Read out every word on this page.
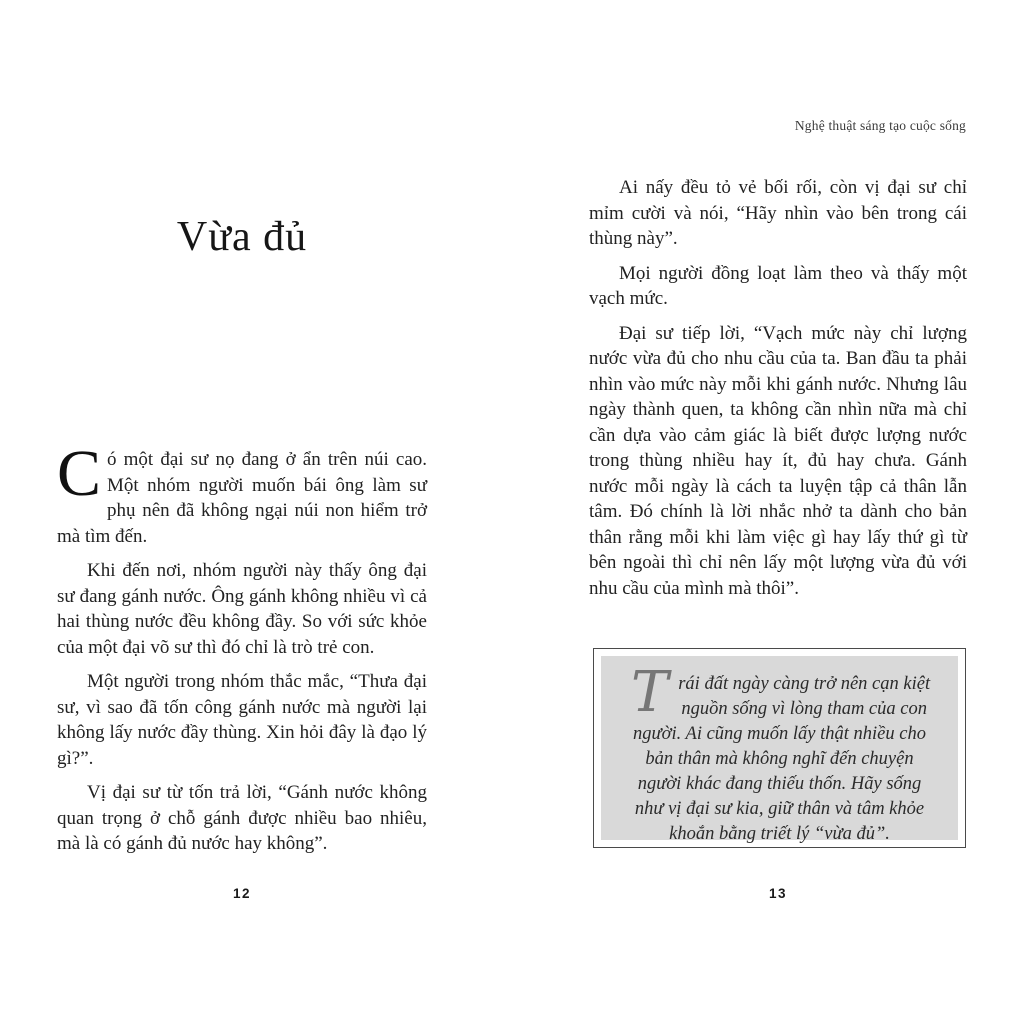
Vừa đủ

Có một đại sư nọ đang ở ẩn trên núi cao. Một nhóm người muốn bái ông làm sư phụ nên đã không ngại núi non hiểm trở mà tìm đến.

Khi đến nơi, nhóm người này thấy ông đại sư đang gánh nước. Ông gánh không nhiều vì cả hai thùng nước đều không đầy. So với sức khỏe của một đại võ sư thì đó chỉ là trò trẻ con.

Một người trong nhóm thắc mắc, “Thưa đại sư, vì sao đã tốn công gánh nước mà người lại không lấy nước đầy thùng. Xin hỏi đây là đạo lý gì?”.

Vị đại sư từ tốn trả lời, “Gánh nước không quan trọng ở chỗ gánh được nhiều bao nhiêu, mà là có gánh đủ nước hay không”.

12
Nghệ thuật sáng tạo cuộc sống

Ai nấy đều tỏ vẻ bối rối, còn vị đại sư chỉ mỉm cười và nói, “Hãy nhìn vào bên trong cái thùng này”.

Mọi người đồng loạt làm theo và thấy một vạch mức.

Đại sư tiếp lời, “Vạch mức này chỉ lượng nước vừa đủ cho nhu cầu của ta. Ban đầu ta phải nhìn vào mức này mỗi khi gánh nước. Nhưng lâu ngày thành quen, ta không cần nhìn nữa mà chỉ cần dựa vào cảm giác là biết được lượng nước trong thùng nhiều hay ít, đủ hay chưa. Gánh nước mỗi ngày là cách ta luyện tập cả thân lẫn tâm. Đó chính là lời nhắc nhở ta dành cho bản thân rằng mỗi khi làm việc gì hay lấy thứ gì từ bên ngoài thì chỉ nên lấy một lượng vừa đủ với nhu cầu của mình mà thôi”.

Trái đất ngày càng trở nên cạn kiệt nguồn sống vì lòng tham của con người. Ai cũng muốn lấy thật nhiều cho bản thân mà không nghĩ đến chuyện người khác đang thiếu thốn. Hãy sống như vị đại sư kia, giữ thân và tâm khỏe khoắn bằng triết lý “vừa đủ”.
13
